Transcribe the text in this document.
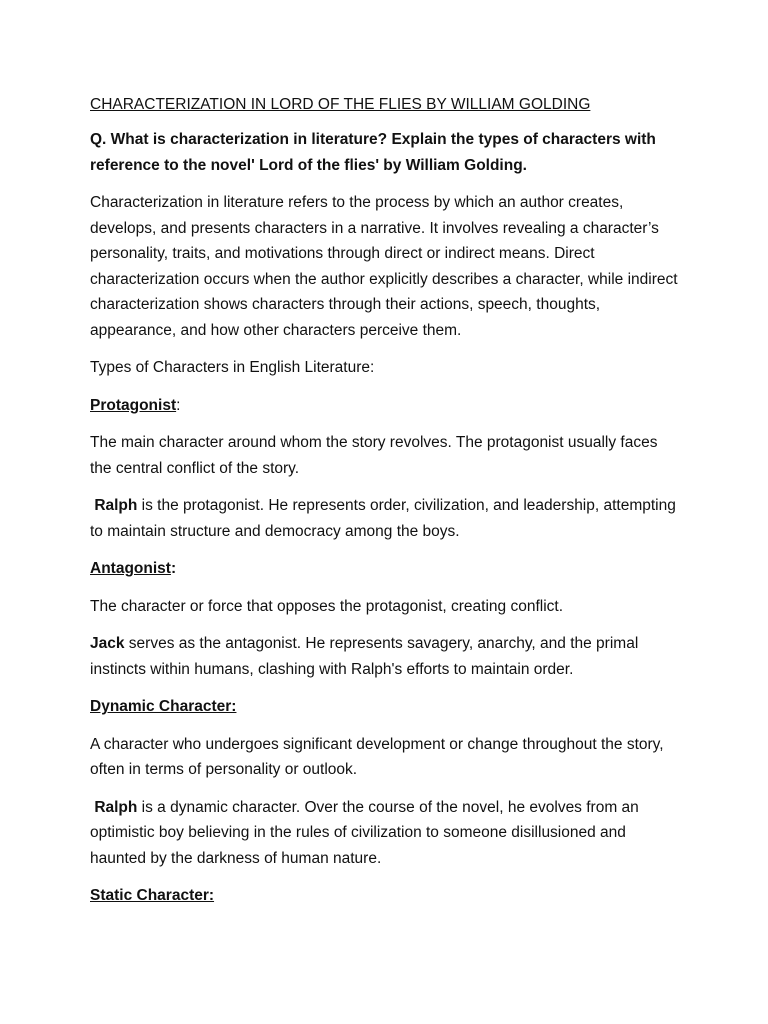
CHARACTERIZATION IN LORD OF THE FLIES BY WILLIAM GOLDING

Q. What is characterization in literature? Explain the types of characters with reference to the novel' Lord of the flies' by William Golding.

Characterization in literature refers to the process by which an author creates, develops, and presents characters in a narrative. It involves revealing a character’s personality, traits, and motivations through direct or indirect means. Direct characterization occurs when the author explicitly describes a character, while indirect characterization shows characters through their actions, speech, thoughts, appearance, and how other characters perceive them.

Types of Characters in English Literature:

Protagonist:

The main character around whom the story revolves. The protagonist usually faces the central conflict of the story.

Ralph is the protagonist. He represents order, civilization, and leadership, attempting to maintain structure and democracy among the boys.

Antagonist:

The character or force that opposes the protagonist, creating conflict.

Jack serves as the antagonist. He represents savagery, anarchy, and the primal instincts within humans, clashing with Ralph's efforts to maintain order.

Dynamic Character:

A character who undergoes significant development or change throughout the story, often in terms of personality or outlook.

Ralph is a dynamic character. Over the course of the novel, he evolves from an optimistic boy believing in the rules of civilization to someone disillusioned and haunted by the darkness of human nature.

Static Character:
